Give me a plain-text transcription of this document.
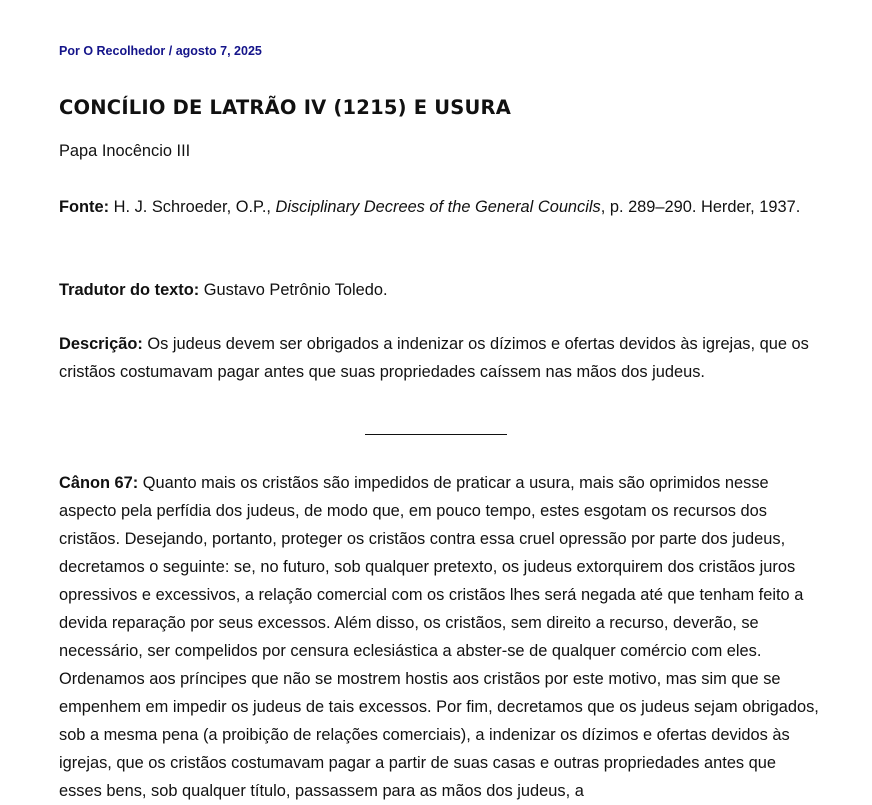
Por O Recolhedor / agosto 7, 2025
CONCÍLIO DE LATRÃO IV (1215) E USURA

Papa Inocêncio III

Fonte: H. J. Schroeder, O.P., Disciplinary Decrees of the General Councils, p. 289–290. Herder, 1937.

Tradutor do texto: Gustavo Petrônio Toledo.

Descrição: Os judeus devem ser obrigados a indenizar os dízimos e ofertas devidos às igrejas, que os cristãos costumavam pagar antes que suas propriedades caíssem nas mãos dos judeus.

Cânon 67: Quanto mais os cristãos são impedidos de praticar a usura, mais são oprimidos nesse aspecto pela perfídia dos judeus, de modo que, em pouco tempo, estes esgotam os recursos dos cristãos. Desejando, portanto, proteger os cristãos contra essa cruel opressão por parte dos judeus, decretamos o seguinte: se, no futuro, sob qualquer pretexto, os judeus extorquirem dos cristãos juros opressivos e excessivos, a relação comercial com os cristãos lhes será negada até que tenham feito a devida reparação por seus excessos. Além disso, os cristãos, sem direito a recurso, deverão, se necessário, ser compelidos por censura eclesiástica a abster-se de qualquer comércio com eles. Ordenamos aos príncipes que não se mostrem hostis aos cristãos por este motivo, mas sim que se empenhem em impedir os judeus de tais excessos. Por fim, decretamos que os judeus sejam obrigados, sob a mesma pena (a proibição de relações comerciais), a indenizar os dízimos e ofertas devidos às igrejas, que os cristãos costumavam pagar a partir de suas casas e outras propriedades antes que esses bens, sob qualquer título, passassem para as mãos dos judeus, a
